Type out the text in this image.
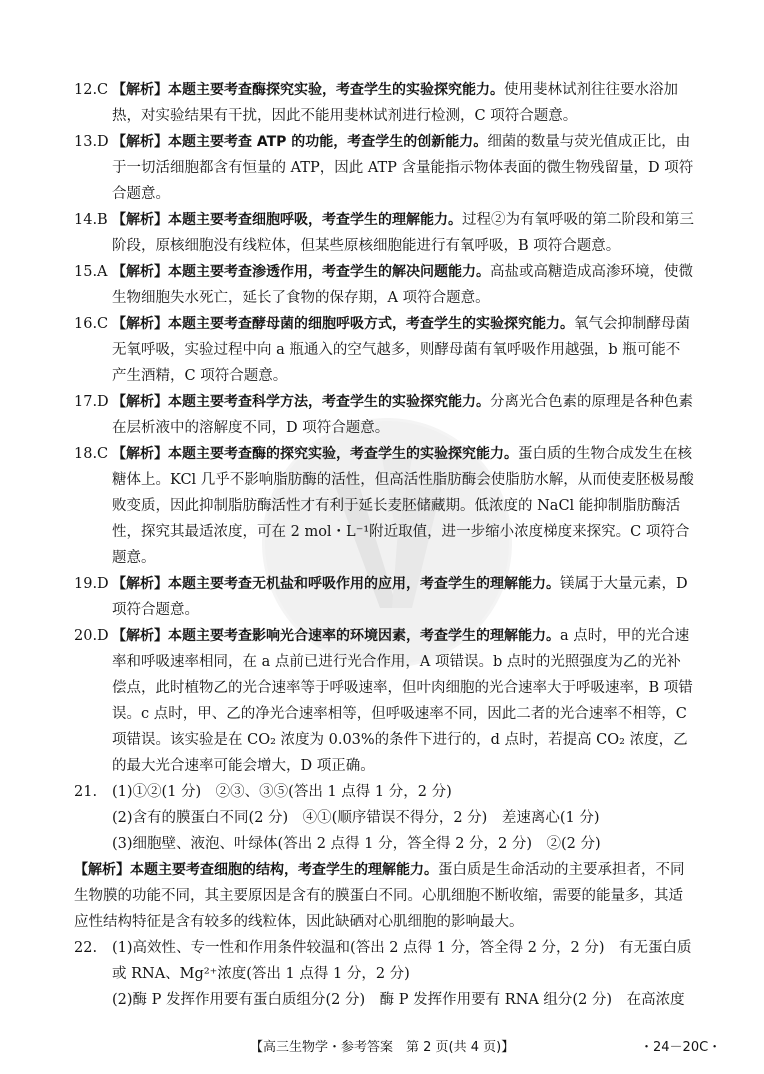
12.C 【解析】本题主要考查酶探究实验，考查学生的实验探究能力。使用斐林试剂往往要水浴加热，对实验结果有干扰，因此不能用斐林试剂进行检测，C 项符合题意。
13.D 【解析】本题主要考查 ATP 的功能，考查学生的创新能力。细菌的数量与荧光值成正比，由于一切活细胞都含有恒量的 ATP，因此 ATP 含量能指示物体表面的微生物残留量，D 项符合题意。
14.B 【解析】本题主要考查细胞呼吸，考查学生的理解能力。过程②为有氧呼吸的第二阶段和第三阶段，原核细胞没有线粒体，但某些原核细胞能进行有氧呼吸，B 项符合题意。
15.A 【解析】本题主要考查渗透作用，考查学生的解决问题能力。高盐或高糖造成高渗环境，使微生物细胞失水死亡，延长了食物的保存期，A 项符合题意。
16.C 【解析】本题主要考查酵母菌的细胞呼吸方式，考查学生的实验探究能力。氧气会抑制酵母菌无氧呼吸，实验过程中向 a 瓶通入的空气越多，则酵母菌有氧呼吸作用越强，b 瓶可能不产生酒精，C 项符合题意。
17.D 【解析】本题主要考查科学方法，考查学生的实验探究能力。分离光合色素的原理是各种色素在层析液中的溶解度不同，D 项符合题意。
18.C 【解析】本题主要考查酶的探究实验，考查学生的实验探究能力。蛋白质的生物合成发生在核糖体上。KCl 几乎不影响脂肪酶的活性，但高活性脂肪酶会使脂肪水解，从而使麦胚极易酸败变质，因此抑制脂肪酶活性才有利于延长麦胚储藏期。低浓度的 NaCl 能抑制脂肪酶活性，探究其最适浓度，可在 2 mol・L⁻¹附近取值，进一步缩小浓度梯度来探究。C 项符合题意。
19.D 【解析】本题主要考查无机盐和呼吸作用的应用，考查学生的理解能力。镁属于大量元素，D 项符合题意。
20.D 【解析】本题主要考查影响光合速率的环境因素，考查学生的理解能力。a 点时，甲的光合速率和呼吸速率相同，在 a 点前已进行光合作用，A 项错误。b 点时的光照强度为乙的光补偿点，此时植物乙的光合速率等于呼吸速率，但叶肉细胞的光合速率大于呼吸速率，B 项错误。c 点时，甲、乙的净光合速率相等，但呼吸速率不同，因此二者的光合速率不相等，C 项错误。该实验是在 CO₂ 浓度为 0.03%的条件下进行的，d 点时，若提高 CO₂ 浓度，乙的最大光合速率可能会增大，D 项正确。
21. (1)①②(1 分)　②③、③⑤(答出 1 点得 1 分，2 分)
(2)含有的膜蛋白不同(2 分)　④①(顺序错误不得分，2 分)　差速离心(1 分)
(3)细胞壁、液泡、叶绿体(答出 2 点得 1 分，答全得 2 分，2 分)　②(2 分)
【解析】本题主要考查细胞的结构，考查学生的理解能力。蛋白质是生命活动的主要承担者，不同生物膜的功能不同，其主要原因是含有的膜蛋白不同。心肌细胞不断收缩，需要的能量多，其适应性结构特征是含有较多的线粒体，因此缺硒对心肌细胞的影响最大。
22. (1)高效性、专一性和作用条件较温和(答出 2 点得 1 分，答全得 2 分，2 分)　有无蛋白质或 RNA、Mg²⁺浓度(答出 1 点得 1 分，2 分)
(2)酶 P 发挥作用要有蛋白质组分(2 分)　酶 P 发挥作用要有 RNA 组分(2 分)　在高浓度
【高三生物学・参考答案　第 2 页(共 4 页)】	・24－20C・
